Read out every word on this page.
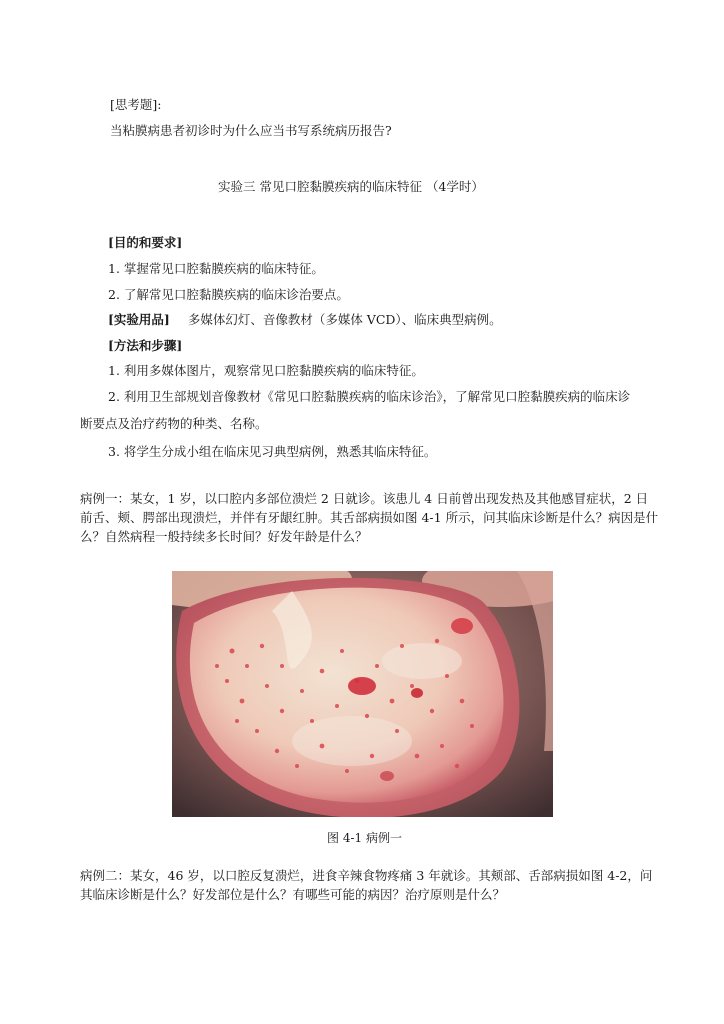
[思考题]:
当粘膜病患者初诊时为什么应当书写系统病历报告?
实验三 常见口腔黏膜疾病的临床特征 （4学时）
[目的和要求]
1. 掌握常见口腔黏膜疾病的临床特征。
2. 了解常见口腔黏膜疾病的临床诊治要点。
[实验用品] 多媒体幻灯、音像教材（多媒体 VCD）、临床典型病例。
[方法和步骤]
1. 利用多媒体图片，观察常见口腔黏膜疾病的临床特征。
2. 利用卫生部规划音像教材《常见口腔黏膜疾病的临床诊治》，了解常见口腔黏膜疾病的临床诊
断要点及治疗药物的种类、名称。
3. 将学生分成小组在临床见习典型病例，熟悉其临床特征。
病例一：某女，1 岁，以口腔内多部位溃烂 2 日就诊。该患儿 4 日前曾出现发热及其他感冒症状，2 日
前舌、颊、腭部出现溃烂，并伴有牙龈红肿。其舌部病损如图 4-1 所示，问其临床诊断是什么？病因是什
么？自然病程一般持续多长时间？好发年龄是什么？
图 4-1 病例一
病例二：某女，46 岁，以口腔反复溃烂，进食辛辣食物疼痛 3 年就诊。其颊部、舌部病损如图 4-2，问
其临床诊断是什么？好发部位是什么？有哪些可能的病因？治疗原则是什么？
